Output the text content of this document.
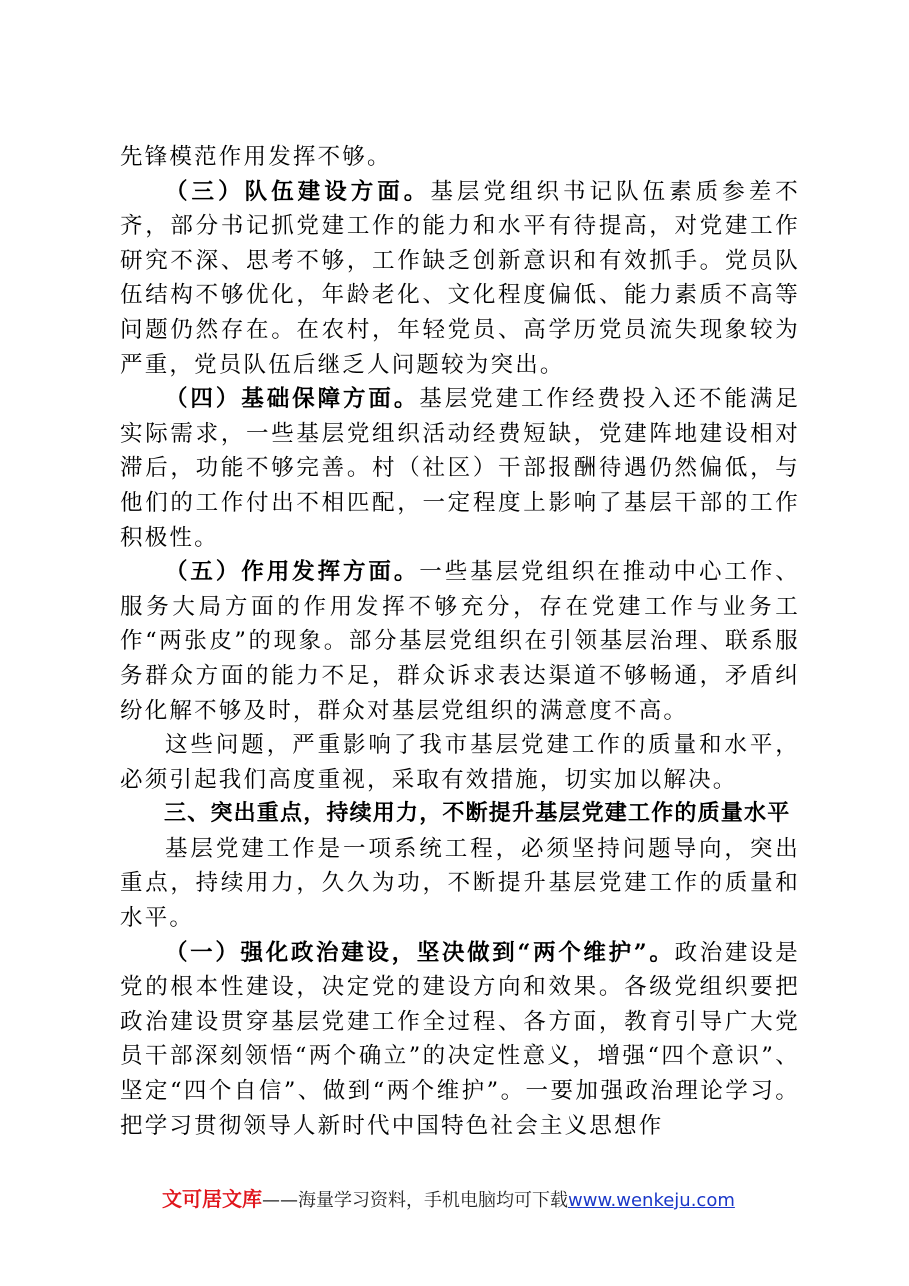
先锋模范作用发挥不够。

（三）队伍建设方面。基层党组织书记队伍素质参差不齐，部分书记抓党建工作的能力和水平有待提高，对党建工作研究不深、思考不够，工作缺乏创新意识和有效抓手。党员队伍结构不够优化，年龄老化、文化程度偏低、能力素质不高等问题仍然存在。在农村，年轻党员、高学历党员流失现象较为严重，党员队伍后继乏人问题较为突出。

（四）基础保障方面。基层党建工作经费投入还不能满足实际需求，一些基层党组织活动经费短缺，党建阵地建设相对滞后，功能不够完善。村（社区）干部报酬待遇仍然偏低，与他们的工作付出不相匹配，一定程度上影响了基层干部的工作积极性。

（五）作用发挥方面。一些基层党组织在推动中心工作、服务大局方面的作用发挥不够充分，存在党建工作与业务工作“两张皮”的现象。部分基层党组织在引领基层治理、联系服务群众方面的能力不足，群众诉求表达渠道不够畅通，矛盾纠纷化解不够及时，群众对基层党组织的满意度不高。

这些问题，严重影响了我市基层党建工作的质量和水平，必须引起我们高度重视，采取有效措施，切实加以解决。

三、突出重点，持续用力，不断提升基层党建工作的质量水平

基层党建工作是一项系统工程，必须坚持问题导向，突出重点，持续用力，久久为功，不断提升基层党建工作的质量和水平。

（一）强化政治建设，坚决做到“两个维护”。政治建设是党的根本性建设，决定党的建设方向和效果。各级党组织要把政治建设贯穿基层党建工作全过程、各方面，教育引导广大党员干部深刻领悟“两个确立”的决定性意义，增强“四个意识”、坚定“四个自信”、做到“两个维护”。一要加强政治理论学习。把学习贯彻领导人新时代中国特色社会主义思想作

文可居文库——海量学习资料，手机电脑均可下载www.wenkeju.com
